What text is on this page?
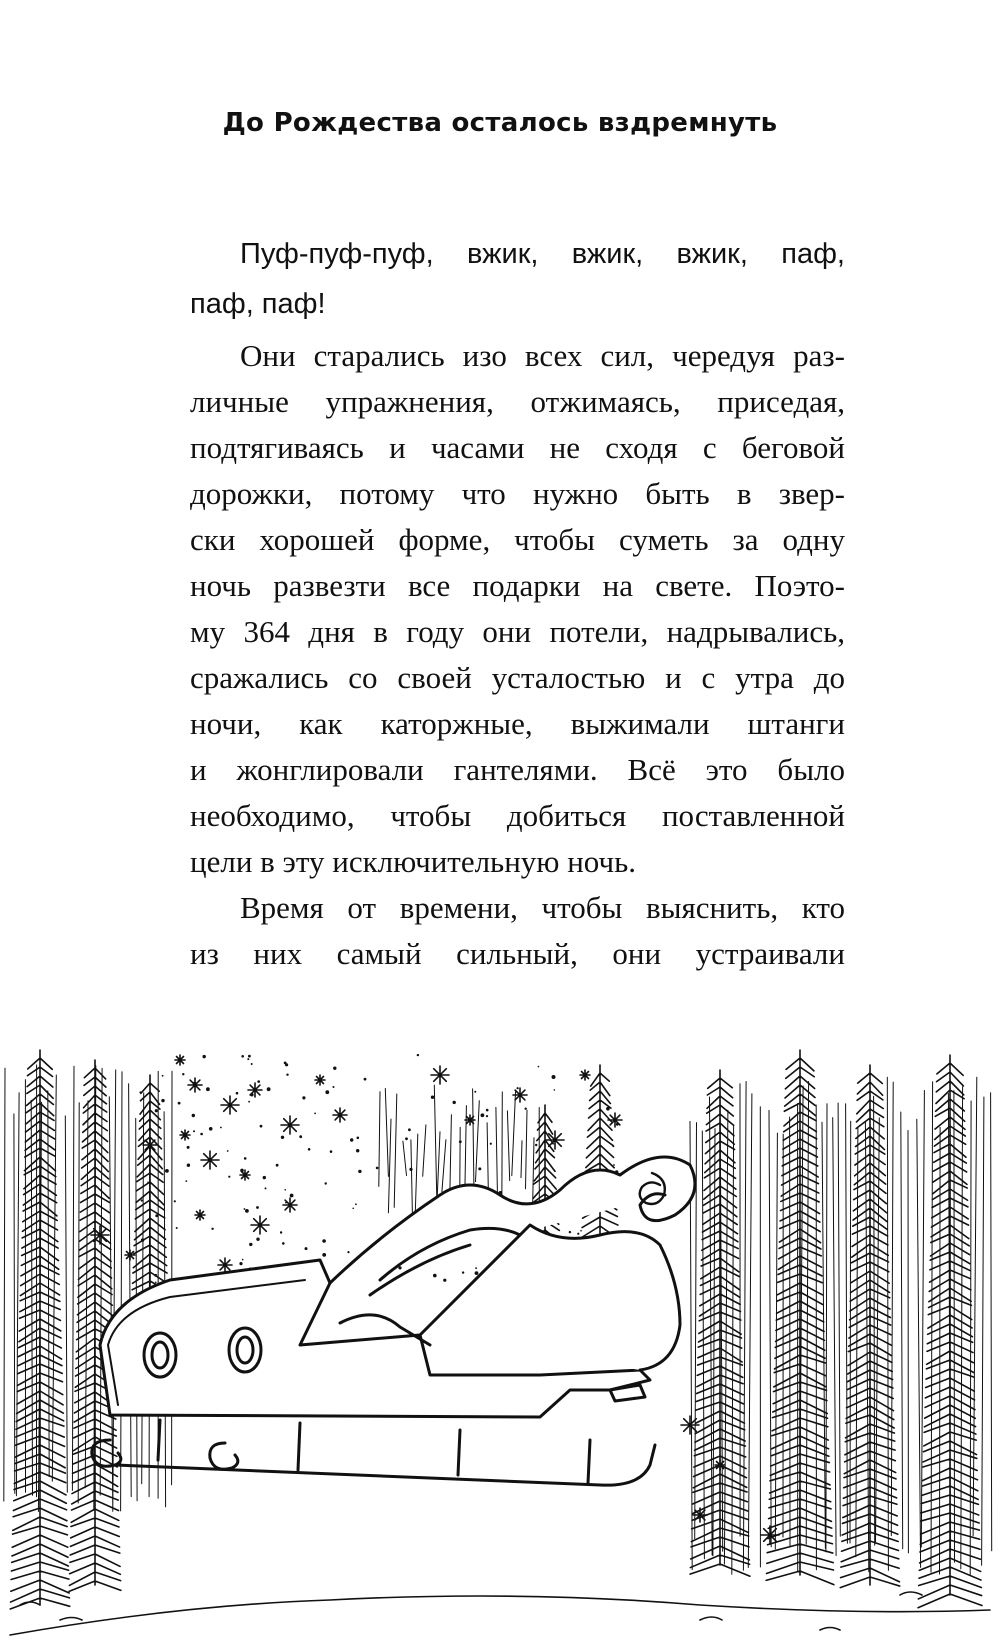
До Рождества осталось вздремнуть
Пуф-пуф-пуф, вжик, вжик, вжик, паф,
паф, паф!
Они старались изо всех сил, чередуя раз-
личные упражнения, отжимаясь, приседая,
подтягиваясь и часами не сходя с беговой
дорожки, потому что нужно быть в звер-
ски хорошей форме, чтобы суметь за одну
ночь развезти все подарки на свете. Поэто-
му 364 дня в году они потели, надрывались,
сражались со своей усталостью и с утра до
ночи, как каторжные, выжимали штанги
и жонглировали гантелями. Всё это было
необходимо, чтобы добиться поставленной
цели в эту исключительную ночь.
Время от времени, чтобы выяснить, кто
из них самый сильный, они устраивали
